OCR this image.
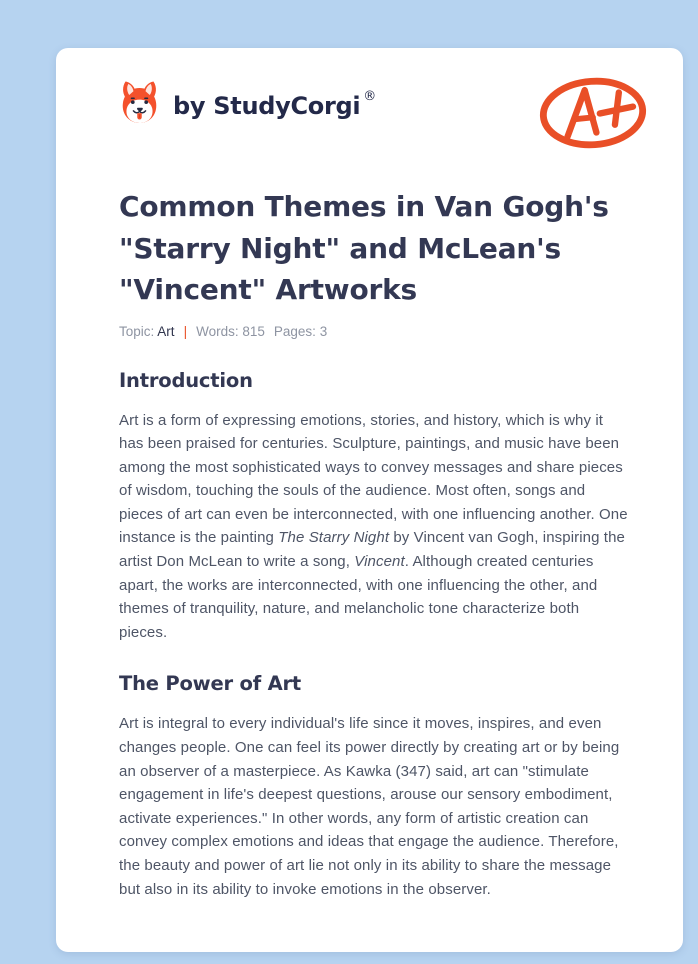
by StudyCorgi ®
Common Themes in Van Gogh's "Starry Night" and McLean's "Vincent" Artworks
Topic: Art | Words: 815 Pages: 3
Introduction

Art is a form of expressing emotions, stories, and history, which is why it has been praised for centuries. Sculpture, paintings, and music have been among the most sophisticated ways to convey messages and share pieces of wisdom, touching the souls of the audience. Most often, songs and pieces of art can even be interconnected, with one influencing another. One instance is the painting The Starry Night by Vincent van Gogh, inspiring the artist Don McLean to write a song, Vincent. Although created centuries apart, the works are interconnected, with one influencing the other, and themes of tranquility, nature, and melancholic tone characterize both pieces.

The Power of Art

Art is integral to every individual's life since it moves, inspires, and even changes people. One can feel its power directly by creating art or by being an observer of a masterpiece. As Kawka (347) said, art can "stimulate engagement in life's deepest questions, arouse our sensory embodiment, activate experiences." In other words, any form of artistic creation can convey complex emotions and ideas that engage the audience. Therefore, the beauty and power of art lie not only in its ability to share the message but also in its ability to invoke emotions in the observer.
